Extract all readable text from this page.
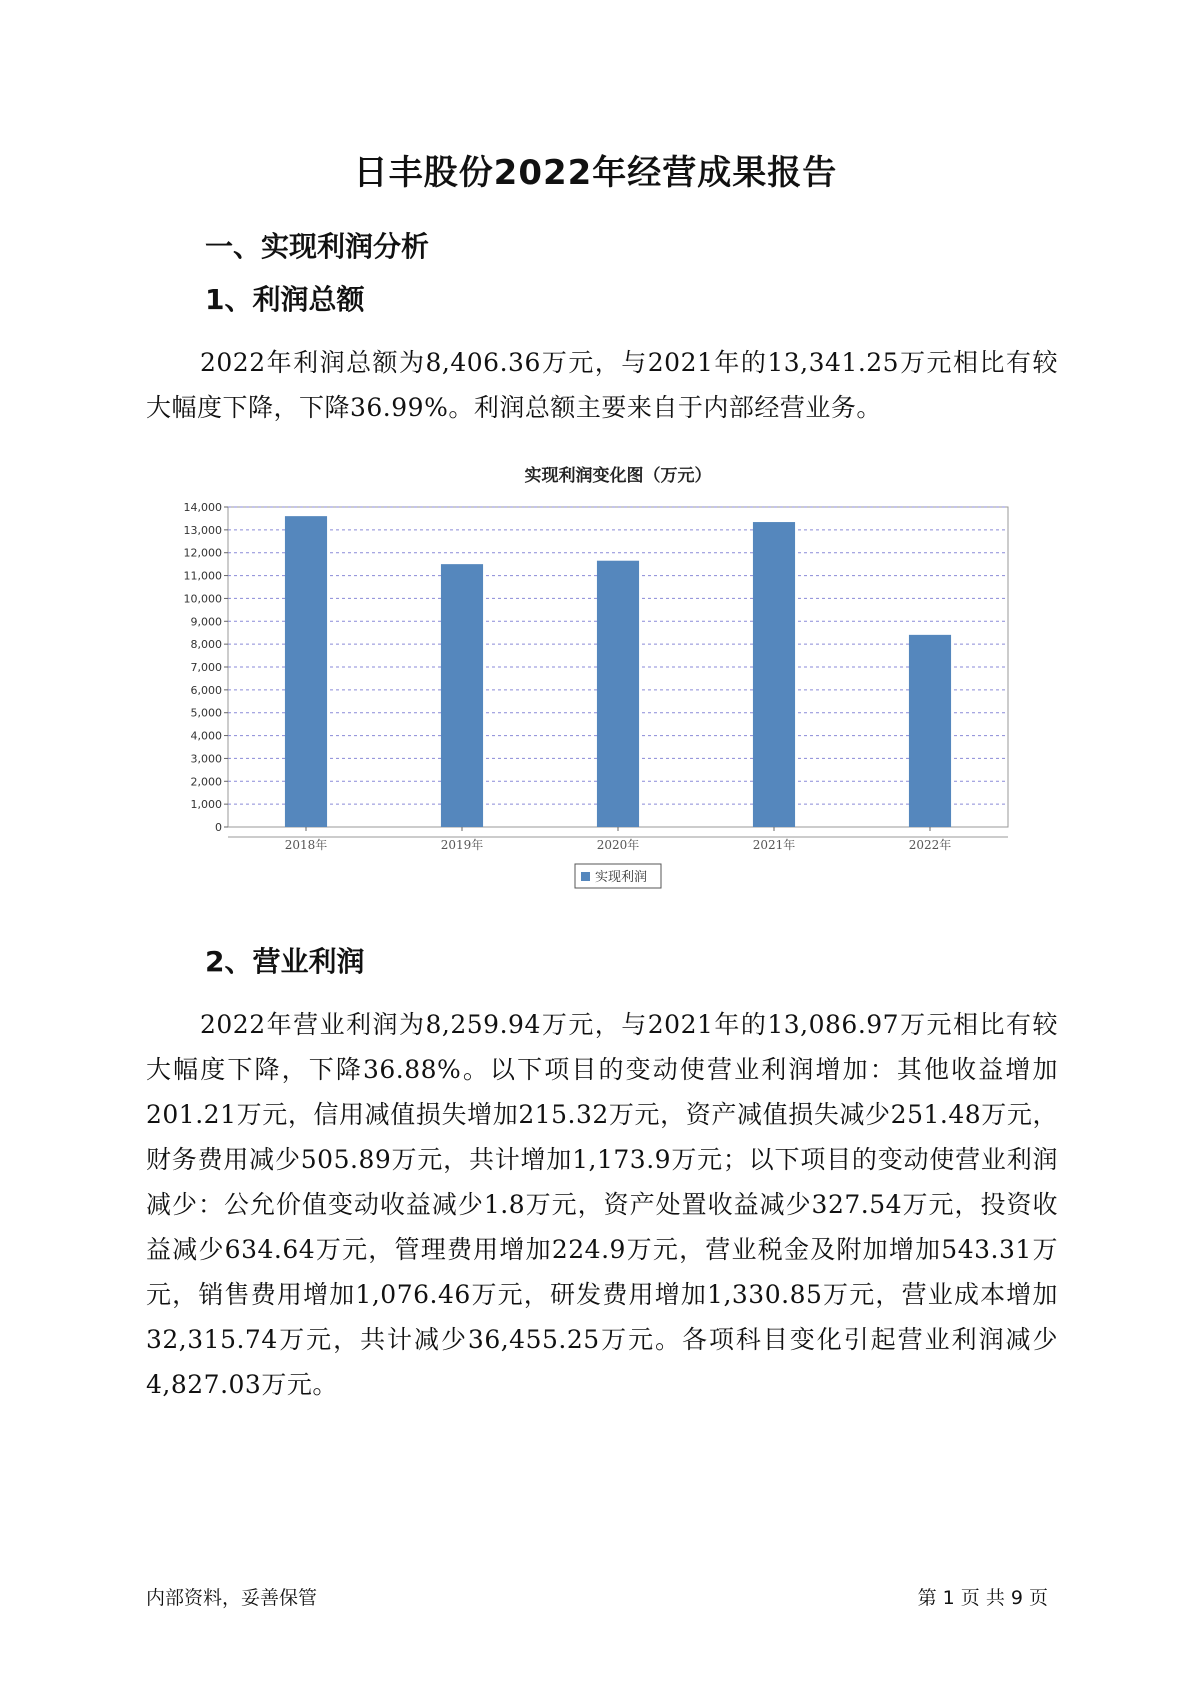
日丰股份2022年经营成果报告
一、实现利润分析
1、利润总额
2022年利润总额为8,406.36万元，与2021年的13,341.25万元相比有较大幅度下降，下降36.99%。利润总额主要来自于内部经营业务。
实现利润变化图（万元）
0
1,000
2,000
3,000
4,000
5,000
6,000
7,000
8,000
9,000
10,000
11,000
12,000
13,000
14,000
2018年	2019年	2020年	2021年	2022年
实现利润
2、营业利润
2022年营业利润为8,259.94万元，与2021年的13,086.97万元相比有较大幅度下降，下降36.88%。以下项目的变动使营业利润增加：其他收益增加201.21万元，信用减值损失增加215.32万元，资产减值损失减少251.48万元，财务费用减少505.89万元，共计增加1,173.9万元；以下项目的变动使营业利润减少：公允价值变动收益减少1.8万元，资产处置收益减少327.54万元，投资收益减少634.64万元，管理费用增加224.9万元，营业税金及附加增加543.31万元，销售费用增加1,076.46万元，研发费用增加1,330.85万元，营业成本增加32,315.74万元，共计减少36,455.25万元。各项科目变化引起营业利润减少4,827.03万元。
内部资料，妥善保管	第 1 页 共 9 页
